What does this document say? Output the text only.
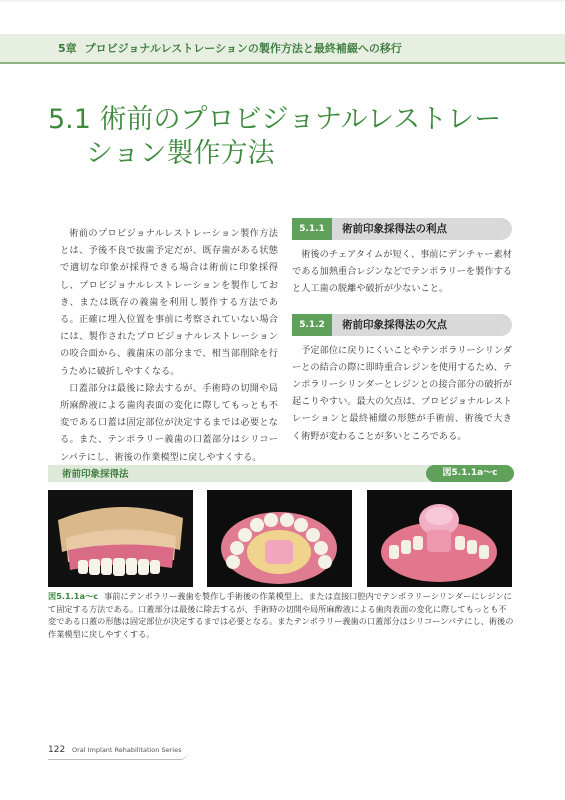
5章 プロビジョナルレストレーションの製作方法と最終補綴への移行
5.1 術前のプロビジョナルレストレー
ション製作方法

術前のプロビジョナルレストレーション製作方法とは、予後不良で抜歯予定だが、既存歯がある状態で適切な印象が採得できる場合は術前に印象採得し、プロビジョナルレストレーションを製作しておき、または既存の義歯を利用し製作する方法である。正確に埋入位置を事前に考察されていない場合には、製作されたプロビジョナルレストレーションの咬合面から、義歯床の部分まで、相当部削除を行うために破折しやすくなる。

口蓋部分は最後に除去するが、手術時の切開や局所麻酔液による歯肉表面の変化に際してもっとも不変である口蓋は固定部位が決定するまでは必要となる。また、テンポラリー義歯の口蓋部分はシリコーンパテにし、術後の作業模型に戻しやすくする。

5.1.1	術前印象採得法の利点

術後のチェアタイムが短く、事前にデンチャー素材である加熱重合レジンなどでテンポラリーを製作すると人工歯の脱離や破折が少ないこと。

5.1.2	術前印象採得法の欠点

予定部位に戻りにくいことやテンポラリーシリンダーとの結合の際に即時重合レジンを使用するため、テンポラリーシリンダーとレジンとの接合部分の破折が起こりやすい。最大の欠点は、プロビジョナルレストレーションと最終補綴の形態が手術前、術後で大きく術野が変わることが多いところである。

術前印象採得法	図5.1.1a〜c
図5.1.1a〜c 事前にテンポラリー義歯を製作し手術後の作業模型上、または直接口腔内でテンポラリーシリンダーにレジンにて固定する方法である。口蓋部分は最後に除去するが、手術時の切開や局所麻酔液による歯肉表面の変化に際してもっとも不変である口蓋の形態は固定部位が決定するまでは必要となる。またテンポラリー義歯の口蓋部分はシリコーンパテにし、術後の作業模型に戻しやすくする。
122 Oral Implant Rehabilitation Series
